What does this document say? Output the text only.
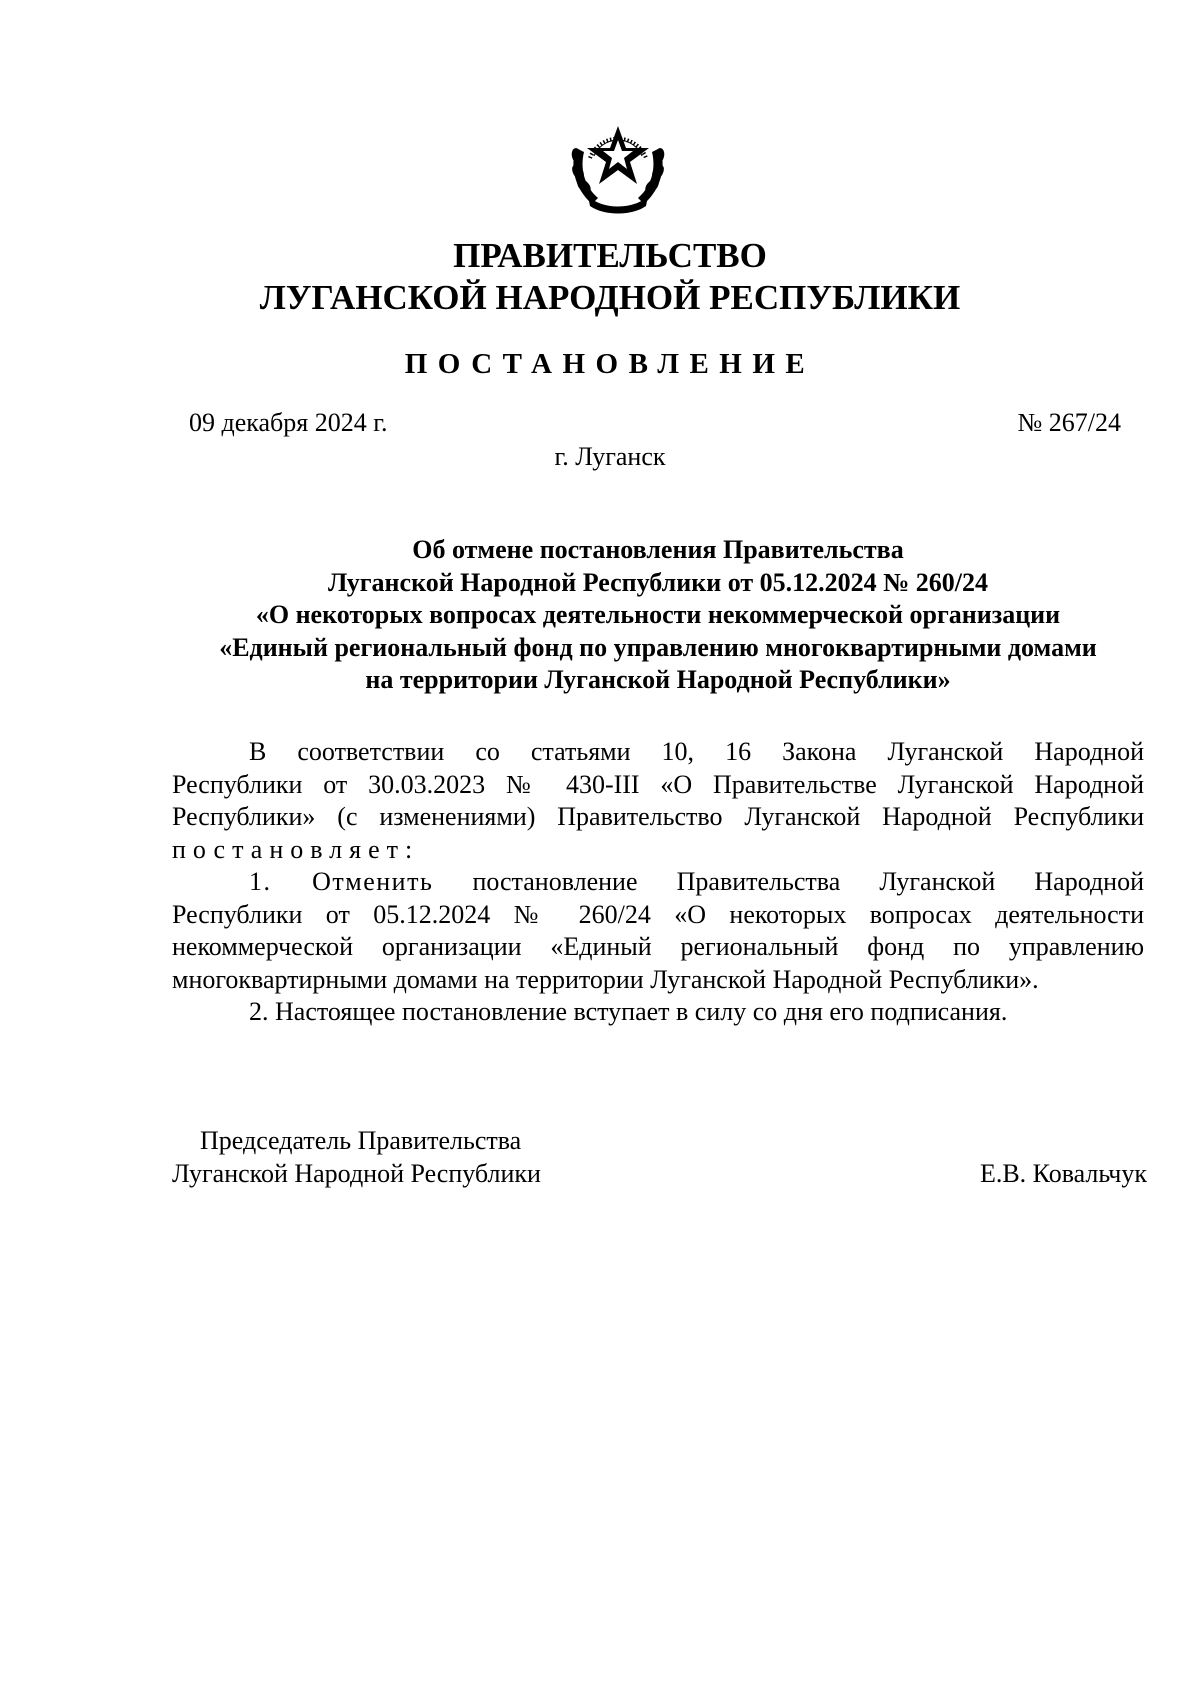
ПРАВИТЕЛЬСТВО
ЛУГАНСКОЙ НАРОДНОЙ РЕСПУБЛИКИ
ПОСТАНОВЛЕНИЕ
09 декабря 2024 г.	№ 267/24
г. Луганск
Об отмене постановления Правительства
Луганской Народной Республики от 05.12.2024 № 260/24
«О некоторых вопросах деятельности некоммерческой организации
«Единый региональный фонд по управлению многоквартирными домами
на территории Луганской Народной Республики»
В соответствии со статьями 10, 16 Закона Луганской Народной
Республики от 30.03.2023 № 430-III «О Правительстве Луганской Народной
Республики» (с изменениями) Правительство Луганской Народной Республики
постановляет:
1. Отменить постановление Правительства Луганской Народной
Республики от 05.12.2024 № 260/24 «О некоторых вопросах деятельности
некоммерческой организации «Единый региональный фонд по управлению
многоквартирными домами на территории Луганской Народной Республики».
2. Настоящее постановление вступает в силу со дня его подписания.
Председатель Правительства
Луганской Народной Республики	Е.В. Ковальчук
